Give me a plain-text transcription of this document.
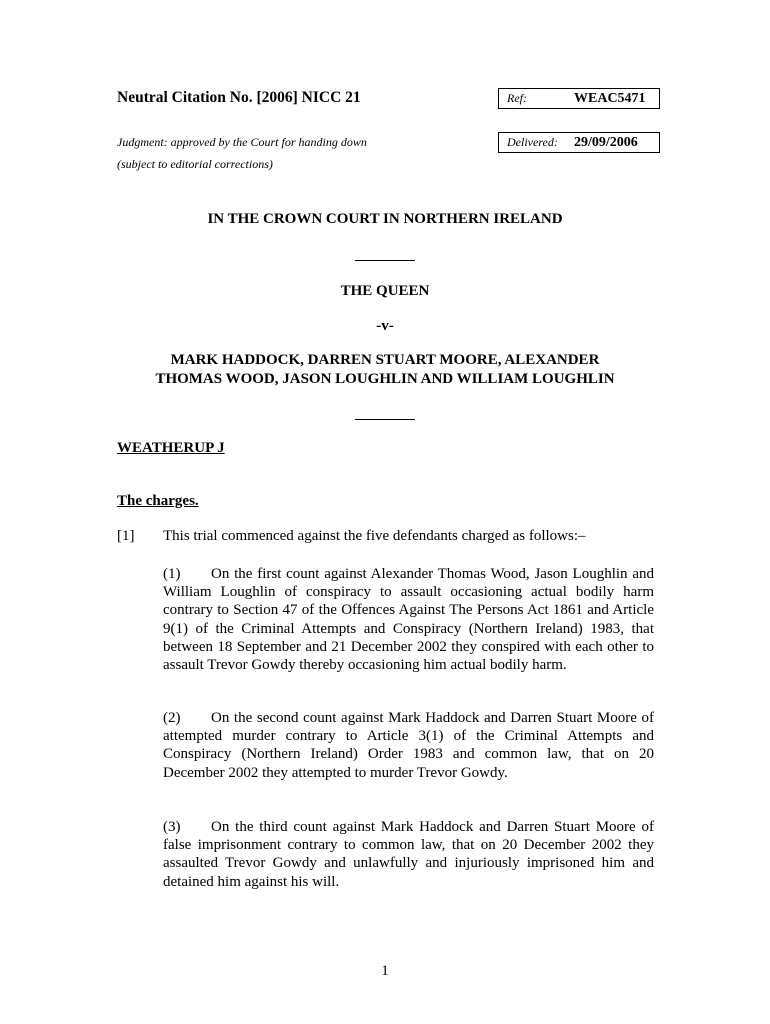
Neutral Citation No. [2006] NICC 21	Ref:	WEAC5471
Judgment: approved by the Court for handing down
(subject to editorial corrections)
Delivered: 29/09/2006
IN THE CROWN COURT IN NORTHERN IRELAND
THE QUEEN
-v-
MARK HADDOCK, DARREN STUART MOORE, ALEXANDER
THOMAS WOOD, JASON LOUGHLIN AND WILLIAM LOUGHLIN
WEATHERUP J
The charges.
[1] This trial commenced against the five defendants charged as follows:–
(1) On the first count against Alexander Thomas Wood, Jason Loughlin and William Loughlin of conspiracy to assault occasioning actual bodily harm contrary to Section 47 of the Offences Against The Persons Act 1861 and Article 9(1) of the Criminal Attempts and Conspiracy (Northern Ireland) 1983, that between 18 September and 21 December 2002 they conspired with each other to assault Trevor Gowdy thereby occasioning him actual bodily harm.
(2) On the second count against Mark Haddock and Darren Stuart Moore of attempted murder contrary to Article 3(1) of the Criminal Attempts and Conspiracy (Northern Ireland) Order 1983 and common law, that on 20 December 2002 they attempted to murder Trevor Gowdy.
(3) On the third count against Mark Haddock and Darren Stuart Moore of false imprisonment contrary to common law, that on 20 December 2002 they assaulted Trevor Gowdy and unlawfully and injuriously imprisoned him and detained him against his will.
1
